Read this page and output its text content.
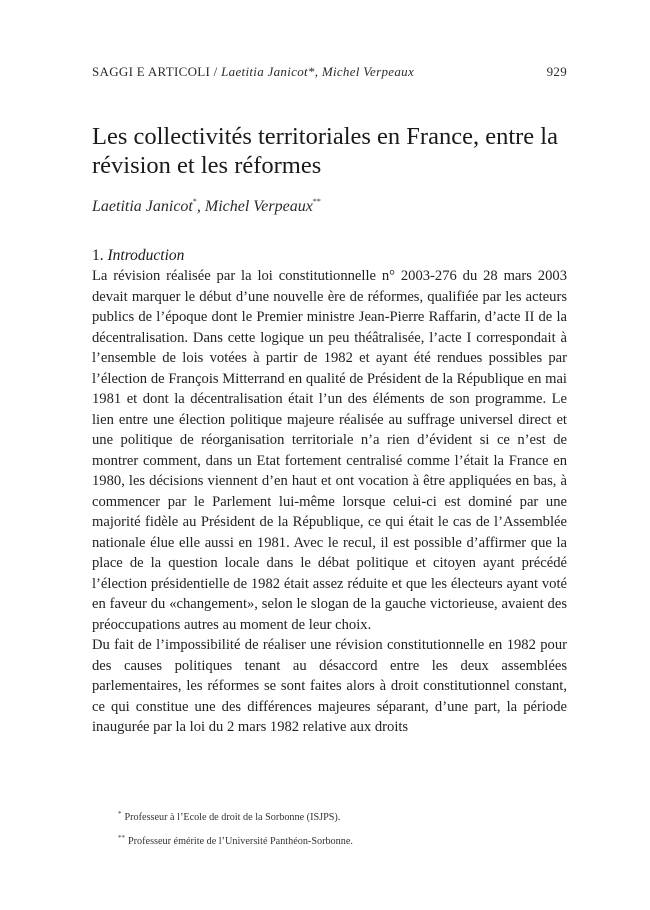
SAGGI E ARTICOLI / Laetitia Janicot*, Michel Verpeaux	929
Les collectivités territoriales en France, entre la révision et les réformes
Laetitia Janicot*, Michel Verpeaux**
1. Introduction

La révision réalisée par la loi constitutionnelle n° 2003-276 du 28 mars 2003 devait marquer le début d’une nouvelle ère de réformes, qualifiée par les acteurs publics de l’époque dont le Premier ministre Jean-Pierre Raffarin, d’acte II de la décentralisation. Dans cette logique un peu théâtralisée, l’acte I correspondait à l’ensemble de lois votées à partir de 1982 et ayant été rendues possibles par l’élection de François Mitterrand en qualité de Président de la République en mai 1981 et dont la décentralisation était l’un des éléments de son programme. Le lien entre une élection politique majeure réalisée au suffrage universel direct et une politique de réorganisation territoriale n’a rien d’évident si ce n’est de montrer comment, dans un Etat fortement centralisé comme l’était la France en 1980, les décisions viennent d’en haut et ont vocation à être appliquées en bas, à commencer par le Parlement lui-même lorsque celui-ci est dominé par une majorité fidèle au Président de la République, ce qui était le cas de l’Assemblée nationale élue elle aussi en 1981. Avec le recul, il est possible d’affirmer que la place de la question locale dans le débat politique et citoyen ayant précédé l’élection présidentielle de 1982 était assez réduite et que les électeurs ayant voté en faveur du «changement», selon le slogan de la gauche victorieuse, avaient des préoccupations autres au moment de leur choix.

Du fait de l’impossibilité de réaliser une révision constitutionnelle en 1982 pour des causes politiques tenant au désaccord entre les deux assemblées parlementaires, les réformes se sont faites alors à droit constitutionnel constant, ce qui constitue une des différences majeures séparant, d’une part, la période inaugurée par la loi du 2 mars 1982 relative aux droits

* Professeur à l’Ecole de droit de la Sorbonne (ISJPS).

** Professeur émérite de l’Université Panthéon-Sorbonne.
